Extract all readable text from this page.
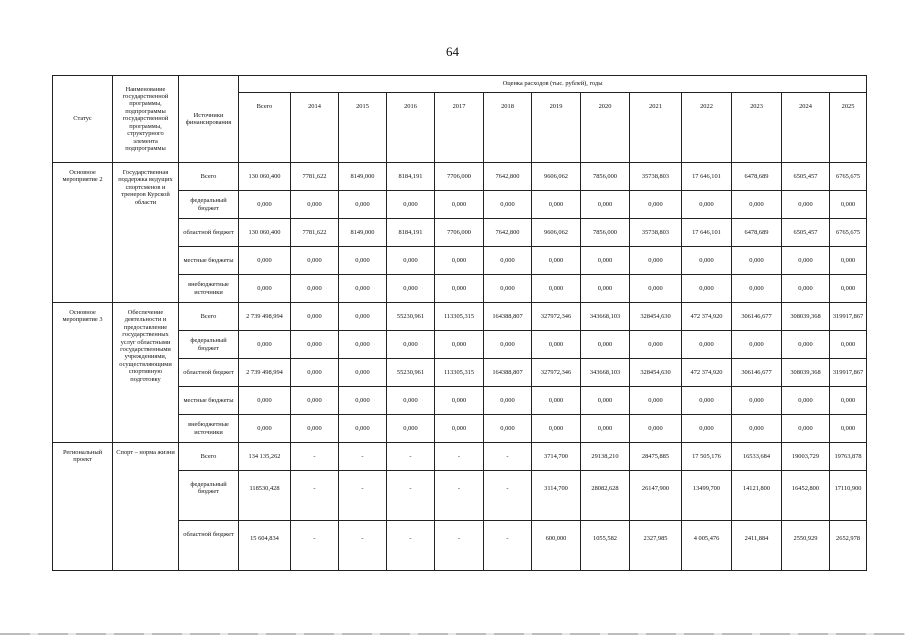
64
Статус	Наименование государственной программы, подпрограммы государственной программы, структурного элемента подпрограммы	Источники финансирования	Оценка расходов (тыс. рублей), годы												
			Всего	2014	2015	2016	2017	2018	2019	2020	2021	2022	2023	2024	2025
Основное мероприятие 2	Государственная поддержка ведущих спортсменов и тренеров Курской области	Всего	130 060,400	7781,622	8149,000	8184,191	7706,000	7642,800	9606,062	7856,000	35738,803	17 646,101	6478,689	6505,457	6765,675
		федеральный бюджет	0,000	0,000	0,000	0,000	0,000	0,000	0,000	0,000	0,000	0,000	0,000	0,000	0,000
		областной бюджет	130 060,400	7781,622	8149,000	8184,191	7706,000	7642,800	9606,062	7856,000	35738,803	17 646,101	6478,689	6505,457	6765,675
		местные бюджеты	0,000	0,000	0,000	0,000	0,000	0,000	0,000	0,000	0,000	0,000	0,000	0,000	0,000
		внебюджетные источники	0,000	0,000	0,000	0,000	0,000	0,000	0,000	0,000	0,000	0,000	0,000	0,000	0,000
Основное мероприятие 3	Обеспечение деятельности и предоставление государственных услуг областными государственными учреждениями, осуществляющими спортивную подготовку	Всего	2 739 498,994	0,000	0,000	55230,961	113305,315	164388,807	327972,346	343668,103	328454,630	472 374,920	306146,677	308039,368	319917,867
		федеральный бюджет	0,000	0,000	0,000	0,000	0,000	0,000	0,000	0,000	0,000	0,000	0,000	0,000	0,000
		областной бюджет	2 739 498,994	0,000	0,000	55230,961	113305,315	164388,807	327972,346	343668,103	328454,630	472 374,920	306146,677	308039,368	319917,867
		местные бюджеты	0,000	0,000	0,000	0,000	0,000	0,000	0,000	0,000	0,000	0,000	0,000	0,000	0,000
		внебюджетные источники	0,000	0,000	0,000	0,000	0,000	0,000	0,000	0,000	0,000	0,000	0,000	0,000	0,000
Региональный проект	Спорт – норма жизни	Всего	134 135,262	-	-	-	-	-	3714,700	29138,210	28475,885	17 505,176	16533,684	19003,729	19763,878
		федеральный бюджет	118530,428	-	-	-	-	-	3114,700	28082,628	26147,900	13499,700	14121,800	16452,800	17110,900
		областной бюджет	15 604,834	-	-	-	-	-	600,000	1055,582	2327,985	4 005,476	2411,884	2550,929	2652,978
